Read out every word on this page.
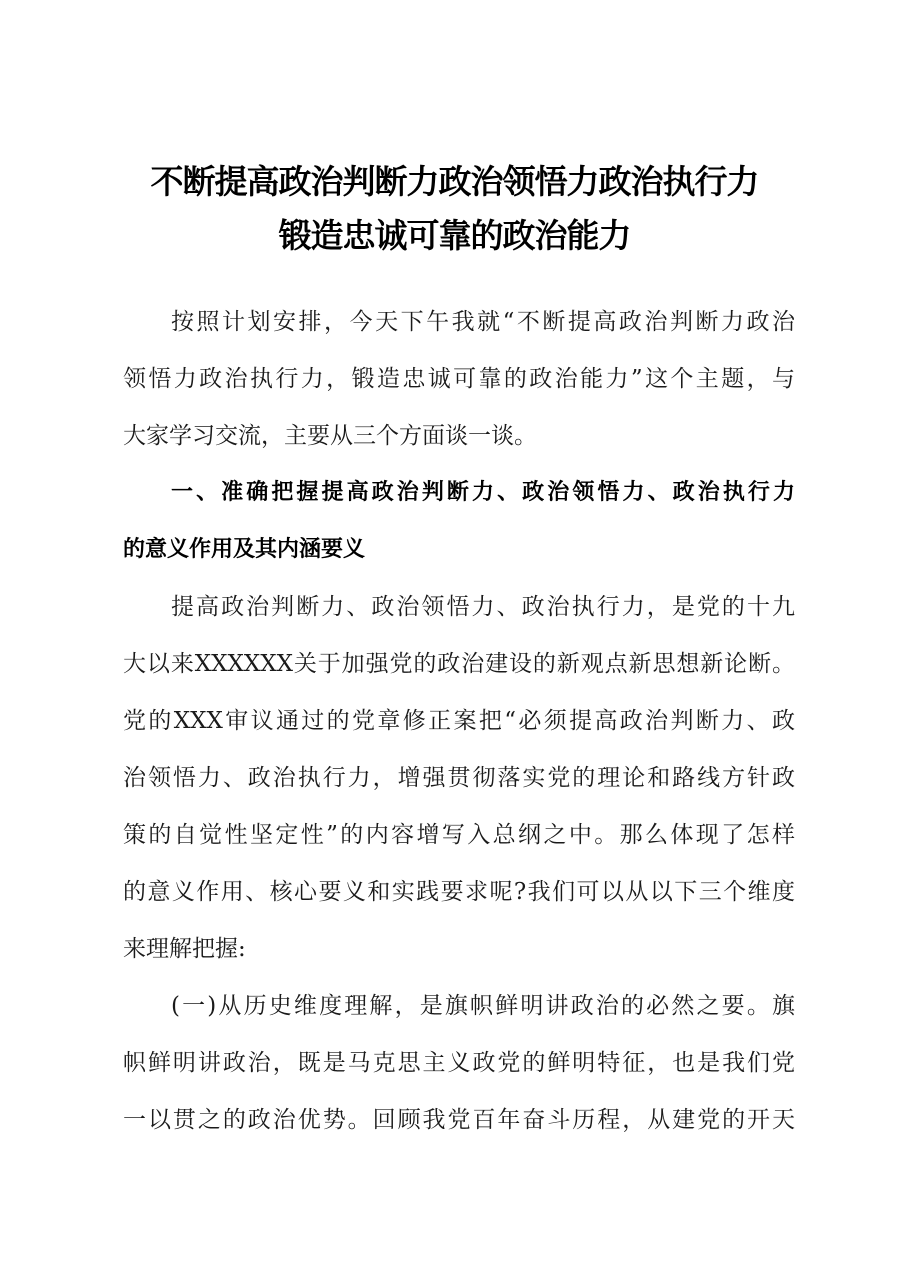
不断提高政治判断力政治领悟力政治执行力
锻造忠诚可靠的政治能力
按照计划安排，今天下午我就“不断提高政治判断力政治
领悟力政治执行力，锻造忠诚可靠的政治能力”这个主题，与
大家学习交流，主要从三个方面谈一谈。
一、准确把握提高政治判断力、政治领悟力、政治执行力
的意义作用及其内涵要义
提高政治判断力、政治领悟力、政治执行力，是党的十九
大以来XXXXXX关于加强党的政治建设的新观点新思想新论断。
党的XXX审议通过的党章修正案把“必须提高政治判断力、政
治领悟力、政治执行力，增强贯彻落实党的理论和路线方针政
策的自觉性坚定性”的内容增写入总纲之中。那么体现了怎样
的意义作用、核心要义和实践要求呢?我们可以从以下三个维度
来理解把握:
(一)从历史维度理解，是旗帜鲜明讲政治的必然之要。旗
帜鲜明讲政治，既是马克思主义政党的鲜明特征，也是我们党
一以贯之的政治优势。回顾我党百年奋斗历程，从建党的开天
